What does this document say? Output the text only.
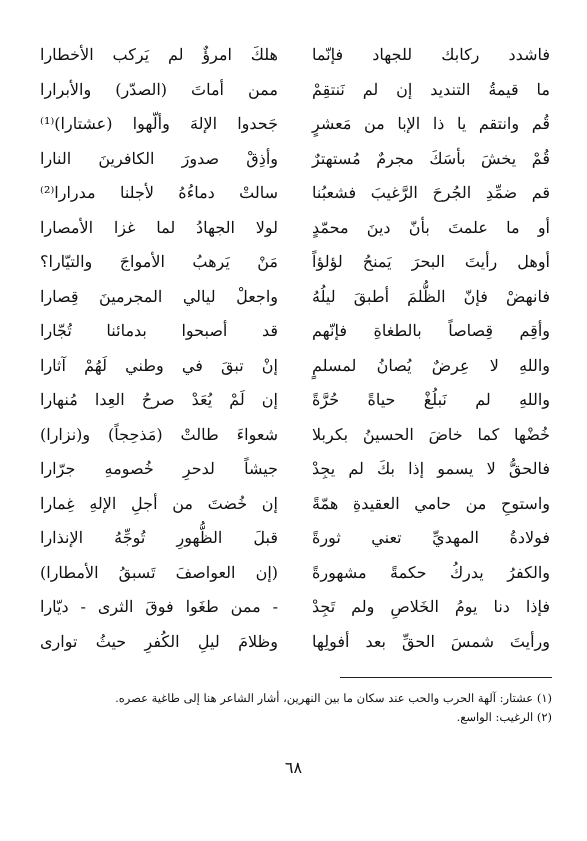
فاشدد ركابك للجهاد فإنّما
هلكَ امرؤٌ لم يَركب الأخطارا
ما قيمةُ التنديد إن لم نَنتقِمْ
ممن أماتَ (الصدّر) والأبرارا
قُم وانتقم يا ذا الإبا من مَعشرٍ
جَحدوا الإلهَ وألّهوا (عشتارا)⁽¹⁾
قُمْ يخشَ بأسَكَ مجرمٌ مُستهترٌ
وأذِقْ صدورَ الكافرينَ النارا
قم ضمِّدِ الجُرحَ الرَّغيبَ فشعبُنا
سالتْ دماءُهُ لأجلنا مدرارا⁽²⁾
أو ما علمتَ بأنّ دينَ محمّدٍ
لولا الجهادُ لما غزا الأمصارا
أوهل رأيتَ البحرَ يَمنحُ لؤلؤاً
مَنْ يَرهبُ الأمواجَ والتيّارا؟
فانهضْ فإنّ الظُّلمَ أطبقَ ليلُهُ
واجعلْ ليالي المجرمينَ قِصارا
وأقِم قِصاصاً بالطغاةِ فإنّهم
قد أصبحوا بدمائنا تُجّارا
واللهِ لا عِرضٌ يُصانُ لمسلمٍ
إنْ تبقَ في وطني لَهُمْ آثارا
واللهِ لم نَبلُغْ حياةً حُرَّةً
إن لَمْ يُعَدْ صرحُ العِدا مُنهارا
خُضْها كما خاضَ الحسينُ بكربلا
شعواءَ طالتْ (مَذحِجاً) و(نزارا)
فالحقُّ لا يسمو إذا بكَ لم يجِدْ
جيشاً لدحرِ خُصومهِ جرّارا
واستوحِ من حامي العقيدةِ همّةً
إن خُضتَ من أجلِ الإلهِ غِمارا
فولادةُ المهديِّ تعني ثورةً
قبلَ الظُّهورِ تُوجِّهُ الإنذارا
والكفرُ يدركُ حكمةً مشهورةً
(إن العواصفَ تَسبقُ الأمطارا)
فإذا دنا يومُ الخَلاصِ ولم تَجِدْ
- ممن طغَوا فوقَ الثرى - ديّارا
ورأيتَ شمسَ الحقِّ بعد أفولِها
وظلامَ ليلِ الكُفرِ حيثُ توارى
(١) عشتار: آلهة الحرب والحب عند سكان ما بين النهرين، أشار الشاعر هنا إلى طاغية عصره.
(٢) الرغيب: الواسع.
٦٨
